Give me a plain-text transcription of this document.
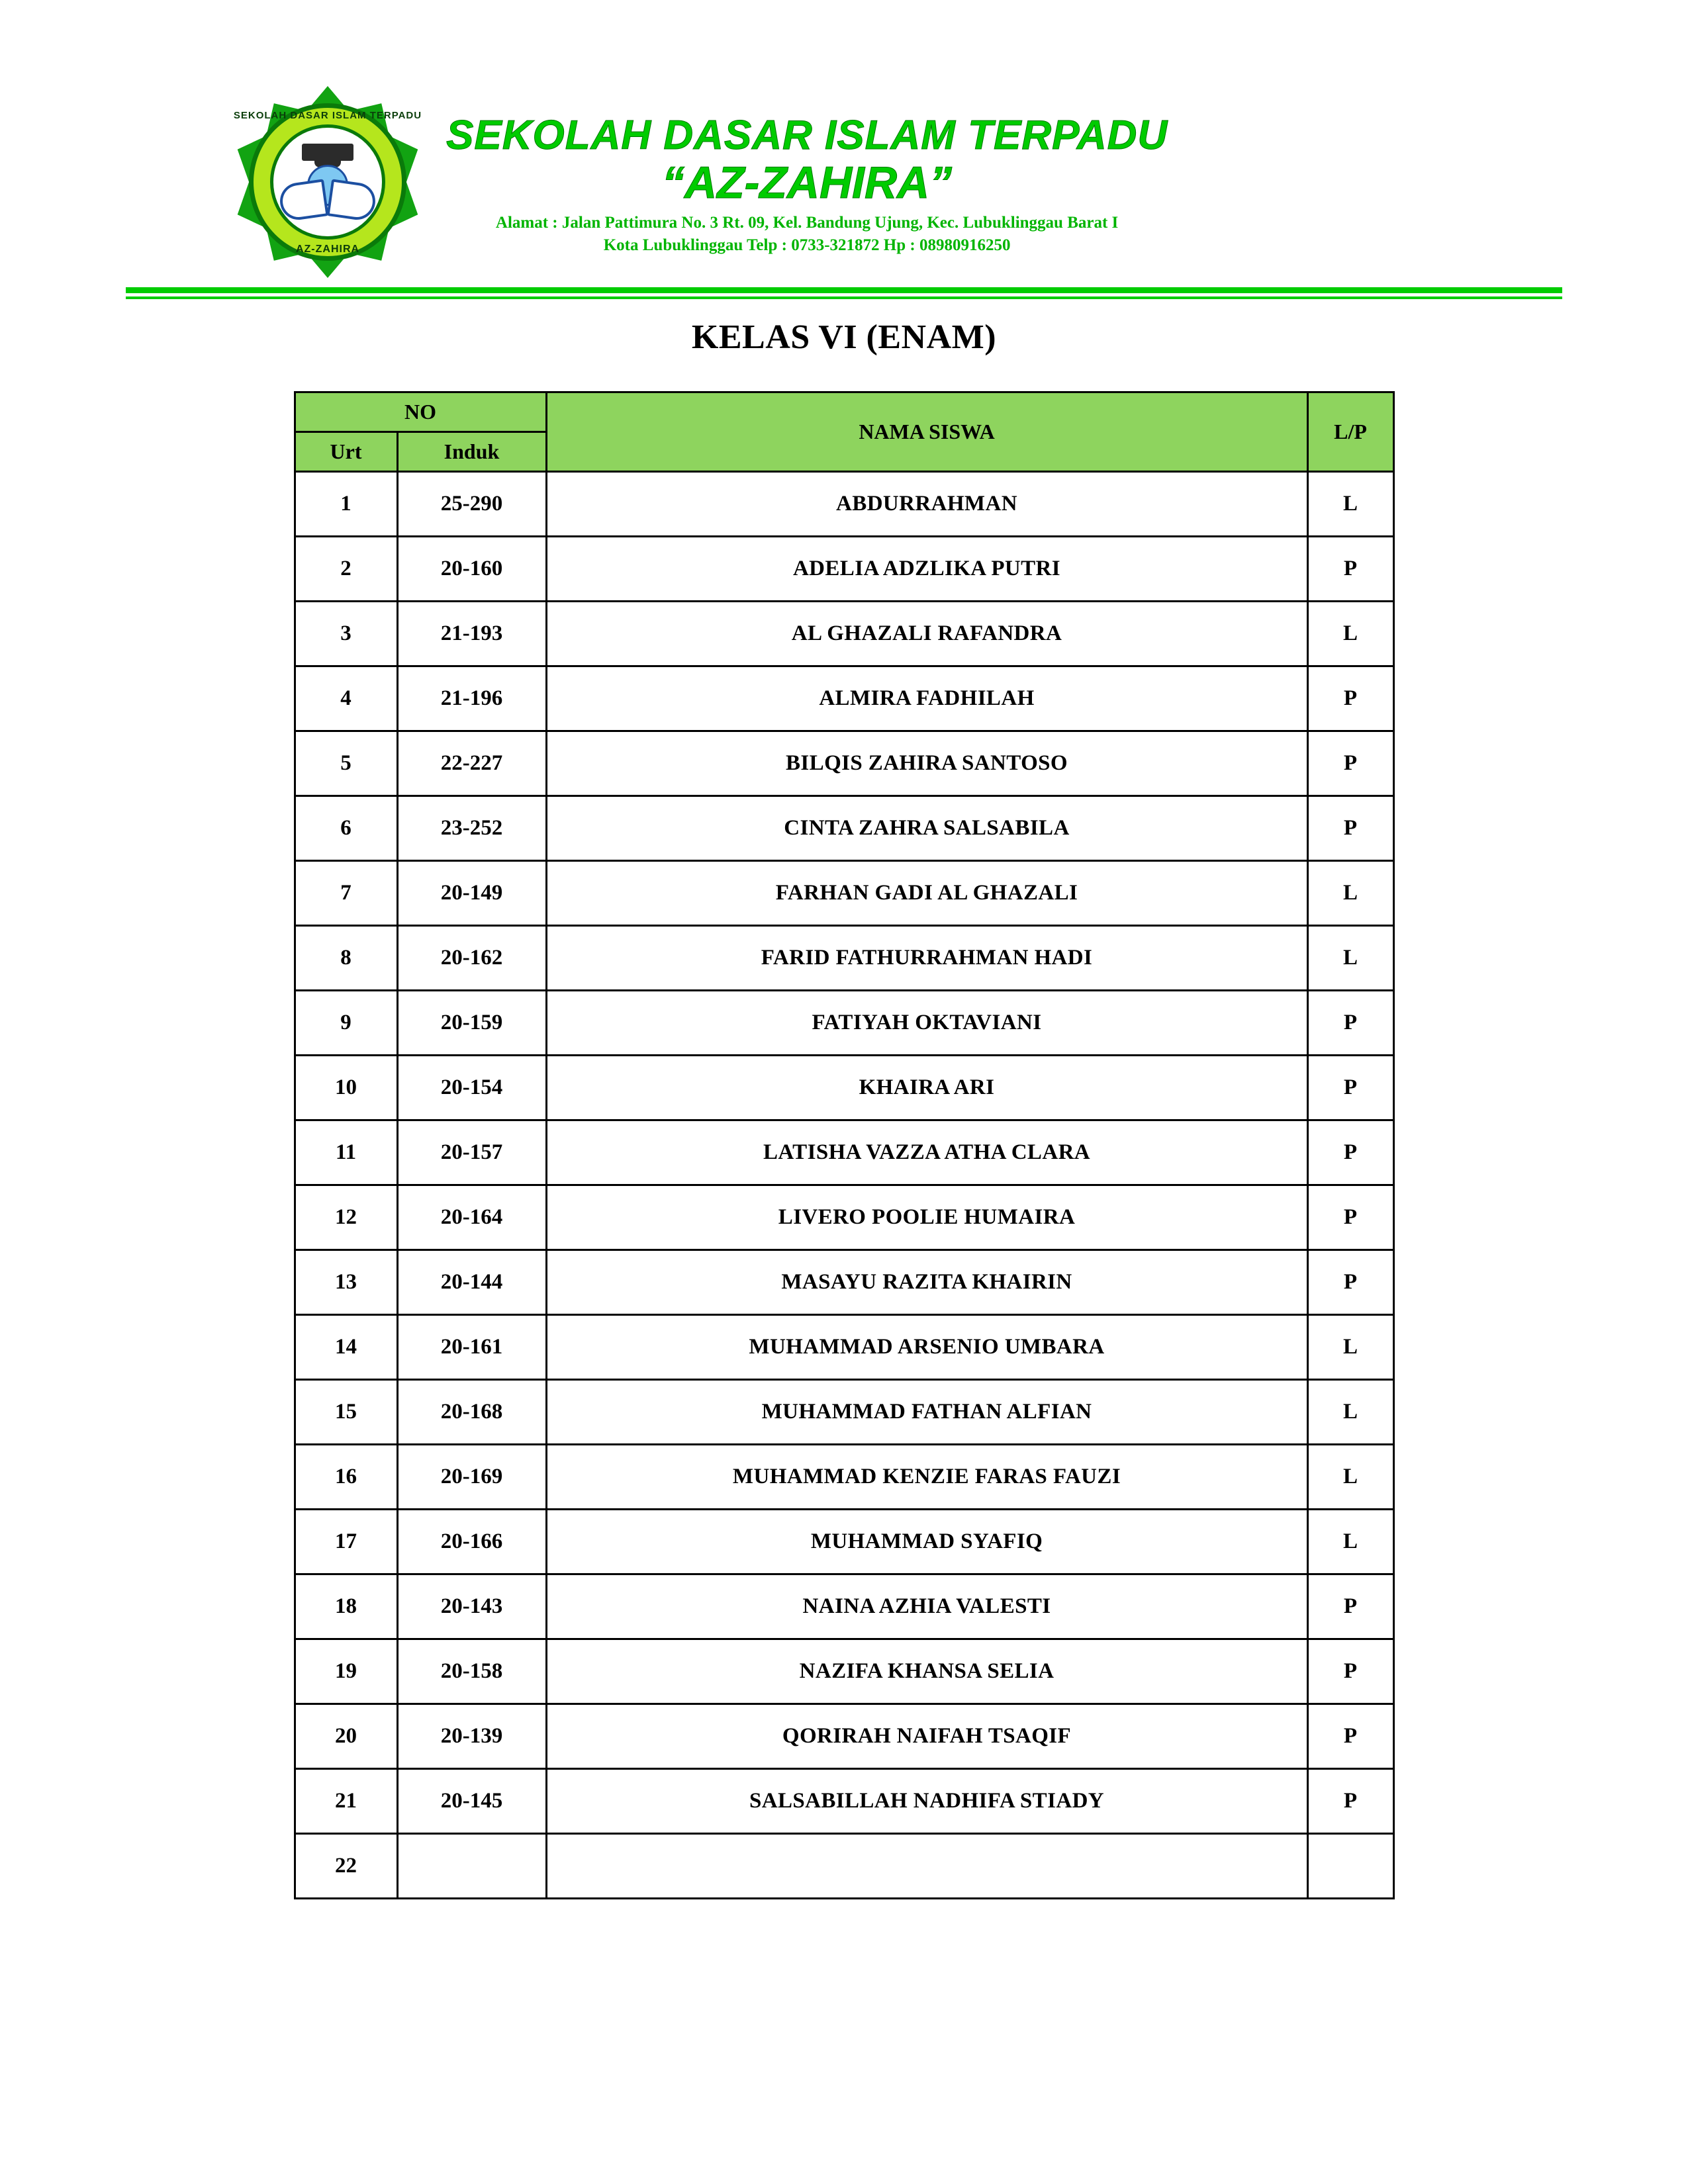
SEKOLAH DASAR ISLAM TERPADU
AZ-ZAHIRA
SEKOLAH DASAR ISLAM TERPADU
“AZ-ZAHIRA”
Alamat : Jalan Pattimura No. 3 Rt. 09, Kel. Bandung Ujung, Kec. Lubuklinggau Barat I
Kota Lubuklinggau Telp : 0733-321872 Hp : 08980916250
KELAS VI (ENAM)
NO		NAMA SISWA	L/P
Urt	Induk		
1	25-290	ABDURRAHMAN	L
2	20-160	ADELIA ADZLIKA PUTRI	P
3	21-193	AL GHAZALI RAFANDRA	L
4	21-196	ALMIRA FADHILAH	P
5	22-227	BILQIS ZAHIRA SANTOSO	P
6	23-252	CINTA ZAHRA SALSABILA	P
7	20-149	FARHAN GADI AL GHAZALI	L
8	20-162	FARID FATHURRAHMAN HADI	L
9	20-159	FATIYAH OKTAVIANI	P
10	20-154	KHAIRA ARI	P
11	20-157	LATISHA VAZZA ATHA CLARA	P
12	20-164	LIVERO POOLIE HUMAIRA	P
13	20-144	MASAYU RAZITA KHAIRIN	P
14	20-161	MUHAMMAD ARSENIO UMBARA	L
15	20-168	MUHAMMAD FATHAN ALFIAN	L
16	20-169	MUHAMMAD KENZIE FARAS FAUZI	L
17	20-166	MUHAMMAD SYAFIQ	L
18	20-143	NAINA AZHIA VALESTI	P
19	20-158	NAZIFA KHANSA SELIA	P
20	20-139	QORIRAH NAIFAH TSAQIF	P
21	20-145	SALSABILLAH NADHIFA STIADY	P
22			
